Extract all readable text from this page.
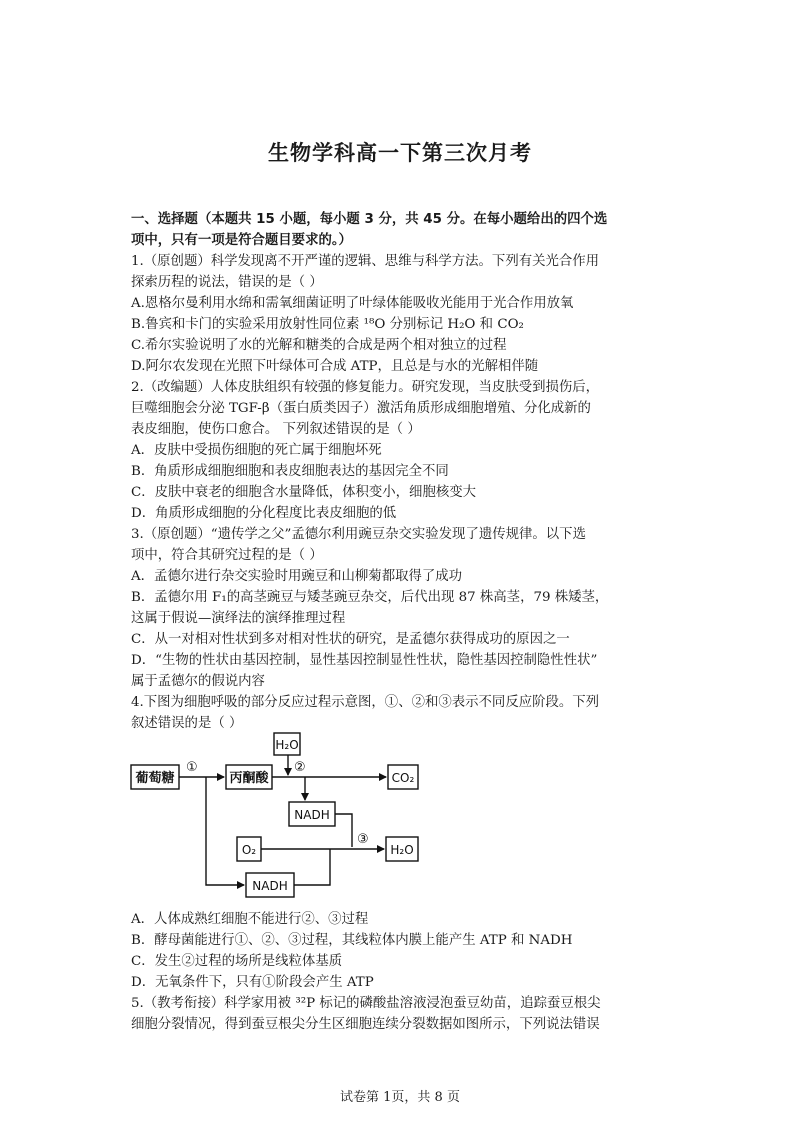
生物学科高一下第三次月考
一、选择题（本题共 15 小题，每小题 3 分，共 45 分。在每小题给出的四个选
项中，只有一项是符合题目要求的。）
1.（原创题）科学发现离不开严谨的逻辑、思维与科学方法。下列有关光合作用
探索历程的说法，错误的是（ ）
A.恩格尔曼利用水绵和需氧细菌证明了叶绿体能吸收光能用于光合作用放氧
B.鲁宾和卡门的实验采用放射性同位素 ¹⁸O 分别标记 H₂O 和 CO₂
C.希尔实验说明了水的光解和糖类的合成是两个相对独立的过程
D.阿尔农发现在光照下叶绿体可合成 ATP，且总是与水的光解相伴随
2.（改编题）人体皮肤组织有较强的修复能力。研究发现，当皮肤受到损伤后，
巨噬细胞会分泌 TGF-β（蛋白质类因子）激活角质形成细胞增殖、分化成新的
表皮细胞，使伤口愈合。 下列叙述错误的是（ ）
A．皮肤中受损伤细胞的死亡属于细胞坏死
B．角质形成细胞细胞和表皮细胞表达的基因完全不同
C．皮肤中衰老的细胞含水量降低，体积变小，细胞核变大
D．角质形成细胞的分化程度比表皮细胞的低
3.（原创题）“遗传学之父”孟德尔利用豌豆杂交实验发现了遗传规律。以下选
项中，符合其研究过程的是（ ）
A．孟德尔进行杂交实验时用豌豆和山柳菊都取得了成功
B．孟德尔用 F₁的高茎豌豆与矮茎豌豆杂交，后代出现 87 株高茎，79 株矮茎，
这属于假说—演绎法的演绎推理过程
C．从一对相对性状到多对相对性状的研究，是孟德尔获得成功的原因之一
D．“生物的性状由基因控制，显性基因控制显性性状，隐性基因控制隐性性状”
属于孟德尔的假说内容
4.下图为细胞呼吸的部分反应过程示意图，①、②和③表示不同反应阶段。下列
叙述错误的是（ ）
A．人体成熟红细胞不能进行②、③过程
B．酵母菌能进行①、②、③过程，其线粒体内膜上能产生 ATP 和 NADH
C．发生②过程的场所是线粒体基质
D．无氧条件下，只有①阶段会产生 ATP
5.（教考衔接）科学家用被 ³²P 标记的磷酸盐溶液浸泡蚕豆幼苗，追踪蚕豆根尖
细胞分裂情况，得到蚕豆根尖分生区细胞连续分裂数据如图所示，下列说法错误
葡萄糖	丙酮酸
H₂O
CO₂
NADH
O₂	H₂O
NADH
①	②
③
试卷第 1页，共 8 页
